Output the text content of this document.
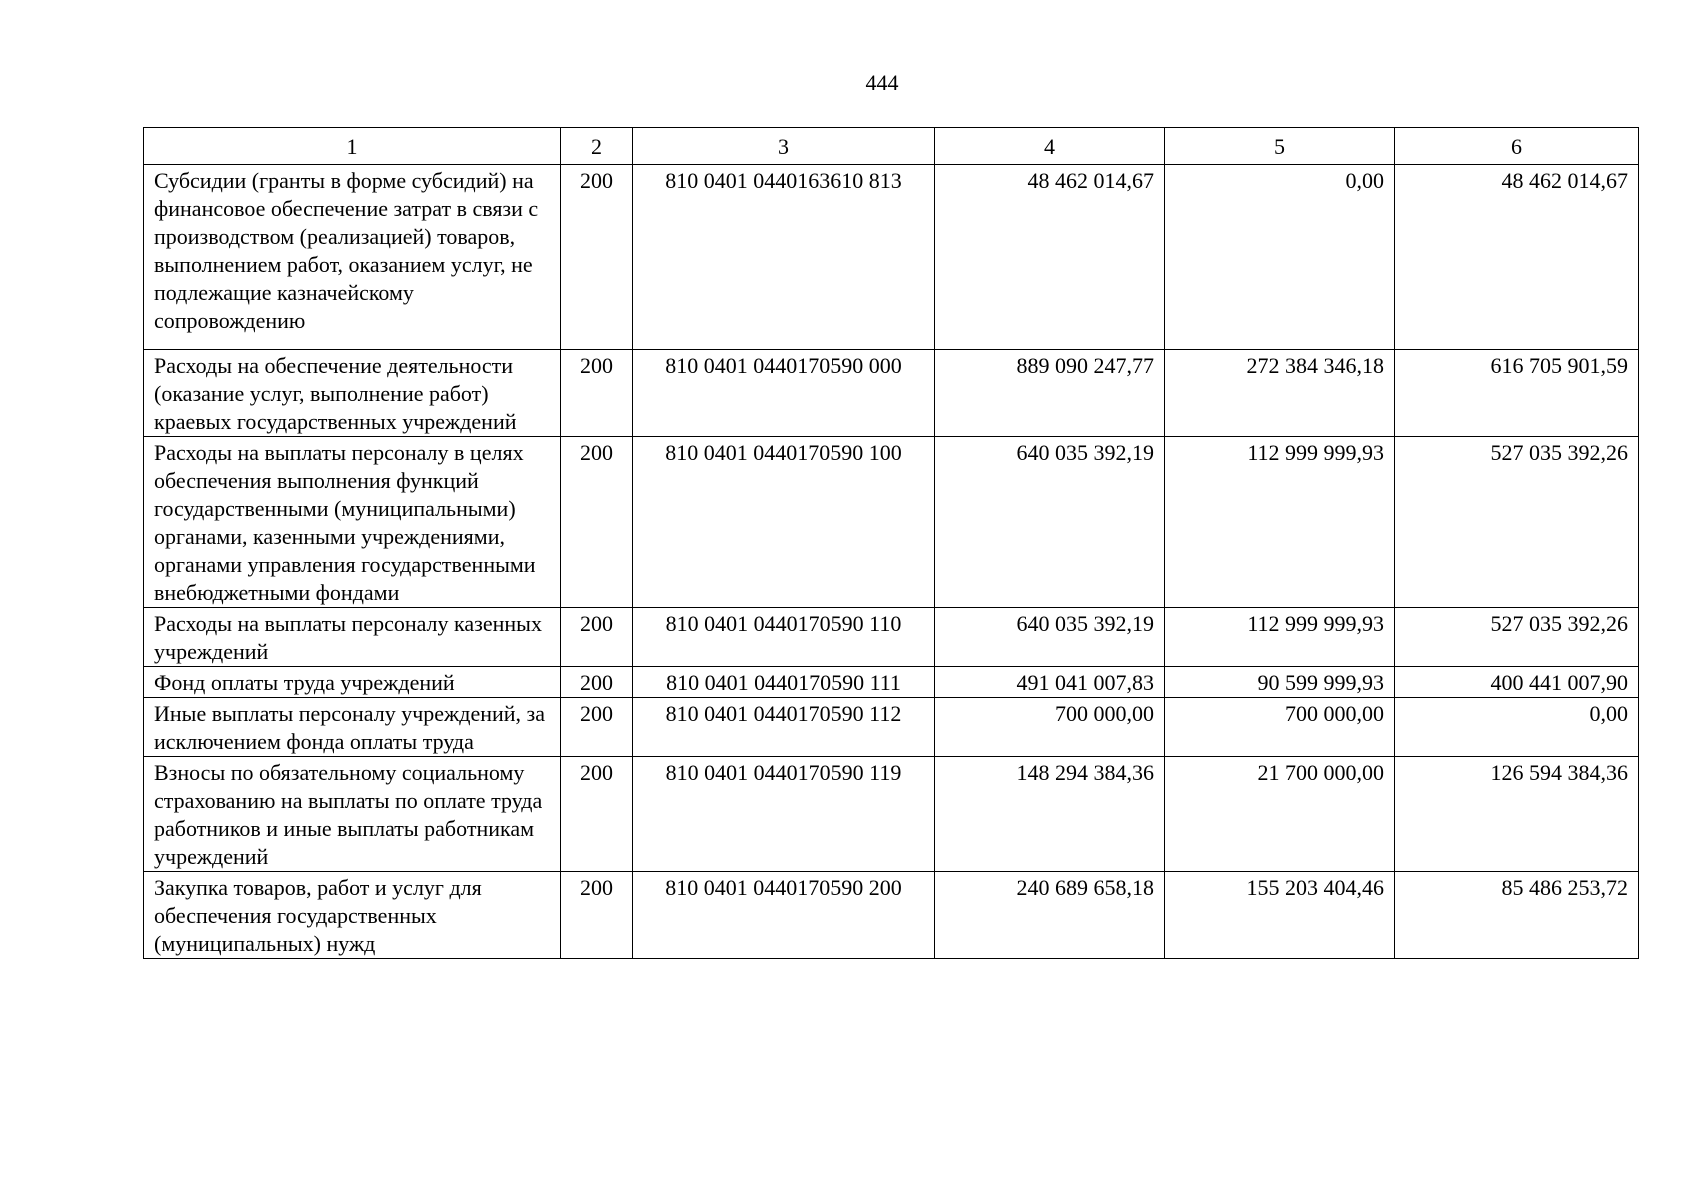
444
1	2	3	4	5	6
Субсидии (гранты в форме субсидий) на финансовое обеспечение затрат в связи с производством (реализацией) товаров, выполнением работ, оказанием услуг, не подлежащие казначейскому сопровождению	200	810 0401 0440163610 813	48 462 014,67	0,00	48 462 014,67
Расходы на обеспечение деятельности (оказание услуг, выполнение работ) краевых государственных учреждений	200	810 0401 0440170590 000	889 090 247,77	272 384 346,18	616 705 901,59
Расходы на выплаты персоналу в целях обеспечения выполнения функций государственными (муниципальными) органами, казенными учреждениями, органами управления государственными внебюджетными фондами	200	810 0401 0440170590 100	640 035 392,19	112 999 999,93	527 035 392,26
Расходы на выплаты персоналу казенных учреждений	200	810 0401 0440170590 110	640 035 392,19	112 999 999,93	527 035 392,26
Фонд оплаты труда учреждений	200	810 0401 0440170590 111	491 041 007,83	90 599 999,93	400 441 007,90
Иные выплаты персоналу учреждений, за исключением фонда оплаты труда	200	810 0401 0440170590 112	700 000,00	700 000,00	0,00
Взносы по обязательному социальному страхованию на выплаты по оплате труда работников и иные выплаты работникам учреждений	200	810 0401 0440170590 119	148 294 384,36	21 700 000,00	126 594 384,36
Закупка товаров, работ и услуг для обеспечения государственных (муниципальных) нужд	200	810 0401 0440170590 200	240 689 658,18	155 203 404,46	85 486 253,72
